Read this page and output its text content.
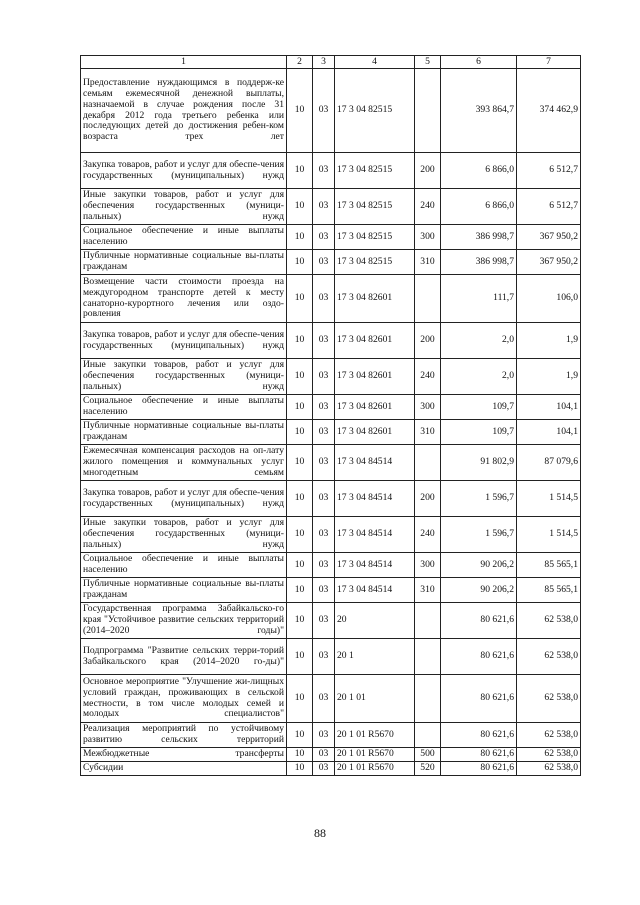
1	2	3	4	5	6	7
Предоставление нуждающимся в поддерж-ке семьям ежемесячной денежной выплаты, назначаемой в случае рождения после 31 декабря 2012 года третьего ребенка или последующих детей до достижения ребен-ком возраста трех лет	10	03	17 3 04 82515		393 864,7	374 462,9
Закупка товаров, работ и услуг для обеспе-чения государственных (муниципальных) нужд	10	03	17 3 04 82515	200	6 866,0	6 512,7
Иные закупки товаров, работ и услуг для обеспечения государственных (муници-пальных) нужд	10	03	17 3 04 82515	240	6 866,0	6 512,7
Социальное обеспечение и иные выплаты населению	10	03	17 3 04 82515	300	386 998,7	367 950,2
Публичные нормативные социальные вы-платы гражданам	10	03	17 3 04 82515	310	386 998,7	367 950,2
Возмещение части стоимости проезда на междугородном транспорте детей к месту санаторно-курортного лечения или оздо-ровления	10	03	17 3 04 82601		111,7	106,0
Закупка товаров, работ и услуг для обеспе-чения государственных (муниципальных) нужд	10	03	17 3 04 82601	200	2,0	1,9
Иные закупки товаров, работ и услуг для обеспечения государственных (муници-пальных) нужд	10	03	17 3 04 82601	240	2,0	1,9
Социальное обеспечение и иные выплаты населению	10	03	17 3 04 82601	300	109,7	104,1
Публичные нормативные социальные вы-платы гражданам	10	03	17 3 04 82601	310	109,7	104,1
Ежемесячная компенсация расходов на оп-лату жилого помещения и коммунальных услуг многодетным семьям	10	03	17 3 04 84514		91 802,9	87 079,6
Закупка товаров, работ и услуг для обеспе-чения государственных (муниципальных) нужд	10	03	17 3 04 84514	200	1 596,7	1 514,5
Иные закупки товаров, работ и услуг для обеспечения государственных (муници-пальных) нужд	10	03	17 3 04 84514	240	1 596,7	1 514,5
Социальное обеспечение и иные выплаты населению	10	03	17 3 04 84514	300	90 206,2	85 565,1
Публичные нормативные социальные вы-платы гражданам	10	03	17 3 04 84514	310	90 206,2	85 565,1
Государственная программа Забайкальско-го края "Устойчивое развитие сельских территорий (2014–2020 годы)"	10	03	20		80 621,6	62 538,0
Подпрограмма "Развитие сельских терри-торий Забайкальского края (2014–2020 го-ды)"	10	03	20 1		80 621,6	62 538,0
Основное мероприятие "Улучшение жи-лищных условий граждан, проживающих в сельской местности, в том числе молодых семей и молодых специалистов"	10	03	20 1 01		80 621,6	62 538,0
Реализация мероприятий по устойчивому развитию сельских территорий	10	03	20 1 01 R5670		80 621,6	62 538,0
Межбюджетные трансферты	10	03	20 1 01 R5670	500	80 621,6	62 538,0
Субсидии	10	03	20 1 01 R5670	520	80 621,6	62 538,0
88
